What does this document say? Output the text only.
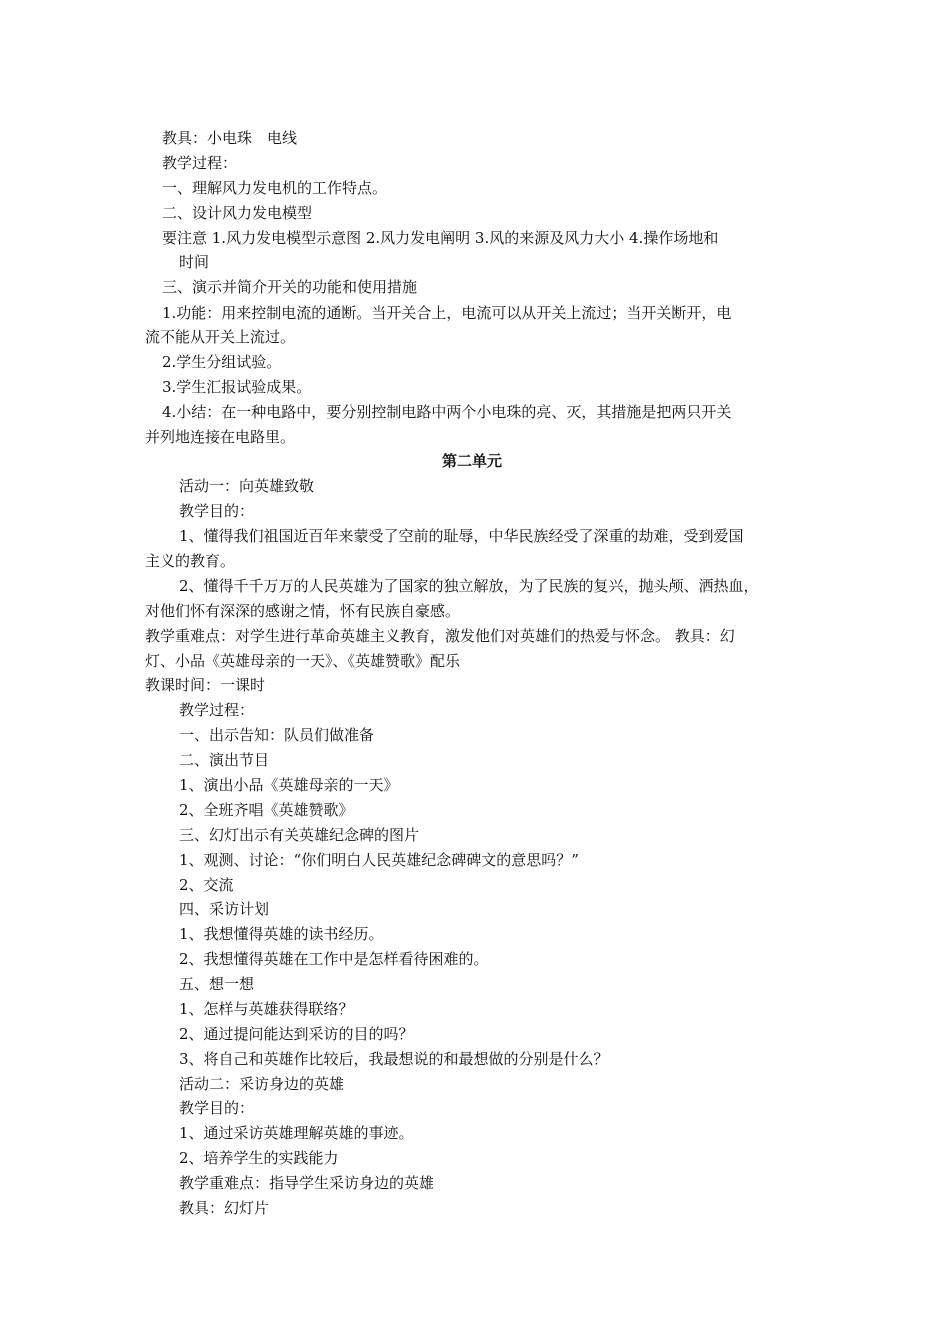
教具：小电珠　电线
教学过程：
一、理解风力发电机的工作特点。
二、设计风力发电模型
要注意 1.风力发电模型示意图 2.风力发电阐明 3.风的来源及风力大小 4.操作场地和
时间
三、演示并简介开关的功能和使用措施
1.功能：用来控制电流的通断。当开关合上，电流可以从开关上流过；当开关断开，电
流不能从开关上流过。
2.学生分组试验。
3.学生汇报试验成果。
4.小结：在一种电路中，要分别控制电路中两个小电珠的亮、灭，其措施是把两只开关
并列地连接在电路里。
第二单元
活动一：向英雄致敬
教学目的：
1、懂得我们祖国近百年来蒙受了空前的耻辱，中华民族经受了深重的劫难，受到爱国
主义的教育。
2、懂得千千万万的人民英雄为了国家的独立解放，为了民族的复兴，抛头颅、洒热血，
对他们怀有深深的感谢之情，怀有民族自豪感。
教学重难点：对学生进行革命英雄主义教育，激发他们对英雄们的热爱与怀念。 教具：幻
灯、小品《英雄母亲的一天》、《英雄赞歌》配乐
教课时间：一课时
教学过程：
一、出示告知：队员们做准备
二、演出节目
1、演出小品《英雄母亲的一天》
2、全班齐唱《英雄赞歌》
三、幻灯出示有关英雄纪念碑的图片
1、观测、讨论：“你们明白人民英雄纪念碑碑文的意思吗？”
2、交流
四、采访计划
1、我想懂得英雄的读书经历。
2、我想懂得英雄在工作中是怎样看待困难的。
五、想一想
1、怎样与英雄获得联络？
2、通过提问能达到采访的目的吗？
3、将自己和英雄作比较后，我最想说的和最想做的分别是什么？
活动二：采访身边的英雄
教学目的：
1、通过采访英雄理解英雄的事迹。
2、培养学生的实践能力
教学重难点：指导学生采访身边的英雄
教具：幻灯片
